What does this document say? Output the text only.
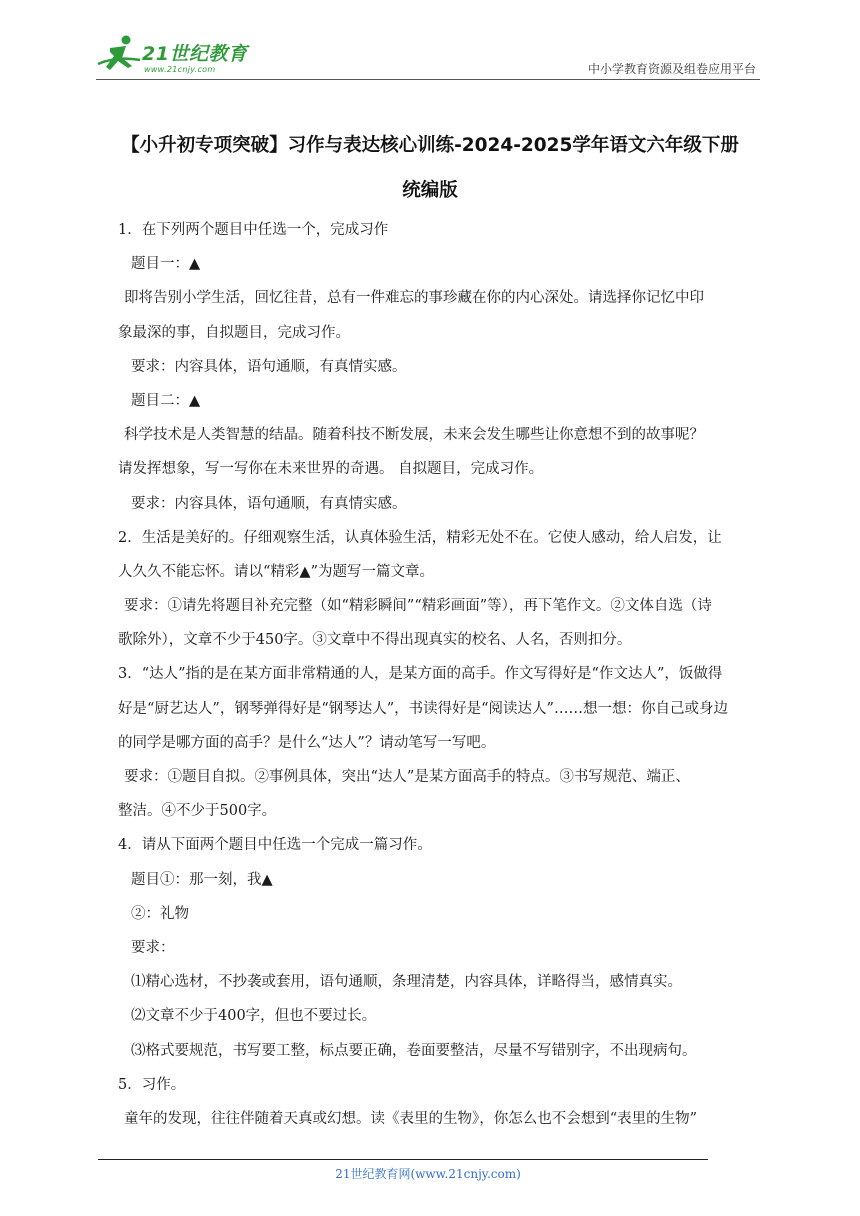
21世纪教育
www.21cnjy.com	中小学教育资源及组卷应用平台
【小升初专项突破】习作与表达核心训练-2024-2025学年语文六年级下册
统编版
1．在下列两个题目中任选一个，完成习作
题目一：▲
即将告别小学生活，回忆往昔，总有一件难忘的事珍藏在你的内心深处。请选择你记忆中印
象最深的事，自拟题目，完成习作。
要求：内容具体，语句通顺，有真情实感。
题目二：▲
科学技术是人类智慧的结晶。随着科技不断发展，未来会发生哪些让你意想不到的故事呢？
请发挥想象，写一写你在未来世界的奇遇。 自拟题目，完成习作。
要求：内容具体，语句通顺，有真情实感。
2．生活是美好的。仔细观察生活，认真体验生活，精彩无处不在。它使人感动，给人启发，让
人久久不能忘怀。请以“精彩▲”为题写一篇文章。
要求：①请先将题目补充完整（如“精彩瞬间”“精彩画面”等），再下笔作文。②文体自选（诗
歌除外），文章不少于450字。③文章中不得出现真实的校名、人名，否则扣分。
3．“达人”指的是在某方面非常精通的人，是某方面的高手。作文写得好是“作文达人”，饭做得
好是“厨艺达人”，钢琴弹得好是“钢琴达人”，书读得好是“阅读达人”……想一想：你自己或身边
的同学是哪方面的高手？是什么“达人”？请动笔写一写吧。
要求：①题目自拟。②事例具体，突出“达人”是某方面高手的特点。③书写规范、端正、
整洁。④不少于500字。
4．请从下面两个题目中任选一个完成一篇习作。
题目①：那一刻，我▲
②：礼物
要求：
⑴精心选材，不抄袭或套用，语句通顺，条理清楚，内容具体，详略得当，感情真实。
⑵文章不少于400字，但也不要过长。
⑶格式要规范，书写要工整，标点要正确，卷面要整洁，尽量不写错别字，不出现病句。
5．习作。
童年的发现，往往伴随着天真或幻想。读《表里的生物》，你怎么也不会想到“表里的生物”
21世纪教育网(www.21cnjy.com)
